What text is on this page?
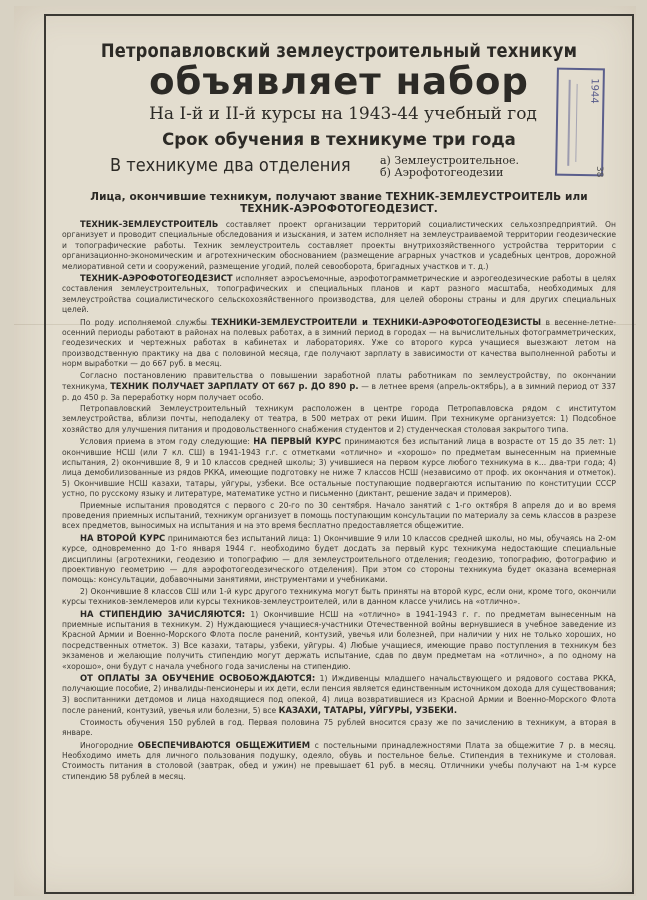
1944
38
Петропавловский землеустроительный техникум
объявляет набор
На I-й и II-й курсы на 1943-44 учебный год
Срок обучения в техникуме три года
В техникуме два отделения	а) Землеустроительное.
б) Аэрофотогеодезии
Лица, окончившие техникум, получают звание ТЕХНИК-ЗЕМЛЕУСТРОИТЕЛЬ или ТЕХНИК-АЭРОФОТОГЕОДЕЗИСТ.

ТЕХНИК-ЗЕМЛЕУСТРОИТЕЛЬ составляет проект организации территорий социалистических сельхозпредприятий. Он организует и проводит специальные обследования и изыскания, и затем исполняет на землеустраиваемой территории геодезические и топографические работы. Техник землеустроитель составляет проекты внутрихозяйственного устройства территории с организационно-экономическим и агротехническим обоснованием (размещение аграрных участков и усадебных центров, дорожной мелиоративной сети и сооружений, размещение угодий, полей севооборота, бригадных участков и т. д.)

ТЕХНИК-АЭРОФОТОГЕОДЕЗИСТ исполняет аэросъемочные, аэрофотограмметрические и аэрогеодезические работы в целях составления землеустроительных, топографических и специальных планов и карт разного масштаба, необходимых для землеустройства социалистического сельскохозяйственного производства, для целей обороны страны и для других специальных целей.

По роду исполняемой службы ТЕХНИКИ-ЗЕМЛЕУСТРОИТЕЛИ и ТЕХНИКИ-АЭРОФОТОГЕОДЕЗИСТЫ в весенне-летне-осенний периоды работают в районах на полевых работах, а в зимний период в городах — на вычислительных фотограмметрических, геодезических и чертежных работах в кабинетах и лабораториях. Уже со второго курса учащиеся выезжают летом на производственную практику на два с половиной месяца, где получают зарплату в зависимости от качества выполненной работы и норм выработки — до 667 руб. в месяц.

Согласно постановлению правительства о повышении заработной платы работникам по землеустройству, по окончании техникума, ТЕХНИК ПОЛУЧАЕТ ЗАРПЛАТУ ОТ 667 р. ДО 890 р. — в летнее время (апрель-октябрь), а в зимний период от 337 р. до 450 р. За переработку норм получает особо.

Петропавловский Землеустроительный техникум расположен в центре города Петропавловска рядом с институтом землеустройства, вблизи почты, неподалеку от театра, в 500 метрах от реки Ишим. При техникуме организуется: 1) Подсобное хозяйство для улучшения питания и продовольственного снабжения студентов и 2) студенческая столовая закрытого типа.

Условия приема в этом году следующие: НА ПЕРВЫЙ КУРС принимаются без испытаний лица в возрасте от 15 до 35 лет: 1) окончившие НСШ (или 7 кл. СШ) в 1941-1943 г.г. с отметками «отлично» и «хорошо» по предметам вынесенным на приемные испытания, 2) окончившие 8, 9 и 10 классов средней школы; 3) учившиеся на первом курсе любого техникума в к... два-три года; 4) лица демобилизованные из рядов РККА, имеющие подготовку не ниже 7 классов НСШ (независимо от проф. их окончания и отметок). 5) Окончившие НСШ казахи, татары, уйгуры, узбеки. Все остальные поступающие подвергаются испытанию по конституции СССР устно, по русскому языку и литературе, математике устно и письменно (диктант, решение задач и примеров).

Приемные испытания проводятся с первого с 20-го по 30 сентября. Начало занятий с 1-го октября 8 апреля до и во время проведения приемных испытаний, техникум организует в помощь поступающим консультации по материалу за семь классов в разрезе всех предметов, выносимых на испытания и на это время бесплатно предоставляется общежитие.

НА ВТОРОЙ КУРС принимаются без испытаний лица: 1) Окончившие 9 или 10 классов средней школы, но мы, обучаясь на 2-ом курсе, одновременно до 1-го января 1944 г. необходимо будет досдать за первый курс техникума недостающие специальные дисциплины (агротехники, геодезию и топографию — для землеустроительного отделения; геодезию, топографию, фотографию и проективную геометрию — для аэрофотогеодезического отделения). При этом со стороны техникума будет оказана всемерная помощь: консультации, добавочными занятиями, инструментами и учебниками.

2) Окончившие 8 классов СШ или 1-й курс другого техникума могут быть приняты на второй курс, если они, кроме того, окончили курсы техников-землемеров или курсы техников-землеустроителей, или в данном классе учились на «отлично».

НА СТИПЕНДИЮ ЗАЧИСЛЯЮТСЯ: 1) Окончившие НСШ на «отлично» в 1941-1943 г. г. по предметам вынесенным на приемные испытания в техникум. 2) Нуждающиеся учащиеся-участники Отечественной войны вернувшиеся в учебное заведение из Красной Армии и Военно-Морского Флота после ранений, контузий, увечья или болезней, при наличии у них не только хороших, но посредственных отметок. 3) Все казахи, татары, узбеки, уйгуры. 4) Любые учащиеся, имеющие право поступления в техникум без экзаменов и желающие получить стипендию могут держать испытание, сдав по двум предметам на «отлично», а по одному на «хорошо», они будут с начала учебного года зачислены на стипендию.

ОТ ОПЛАТЫ ЗА ОБУЧЕНИЕ ОСВОБОЖДАЮТСЯ: 1) Иждивенцы младшего начальствующего и рядового состава РККА, получающие пособие, 2) инвалиды-пенсионеры и их дети, если пенсия является единственным источником дохода для существования; 3) воспитанники детдомов и лица находящиеся под опекой, 4) лица возвратившиеся из Красной Армии и Военно-Морского Флота после ранений, контузий, увечья или болезни, 5) все КАЗАХИ, ТАТАРЫ, УЙГУРЫ, УЗБЕКИ.

Стоимость обучения 150 рублей в год. Первая половина 75 рублей вносится сразу же по зачислению в техникум, а вторая в январе.

Иногородние ОБЕСПЕЧИВАЮТСЯ ОБЩЕЖИТИЕМ с постельными принадлежностями Плата за общежитие 7 р. в месяц. Необходимо иметь для личного пользования подушку, одеяло, обувь и постельное белье. Стипендия в техникуме и столовая. Стоимость питания в столовой (завтрак, обед и ужин) не превышает 61 руб. в месяц. Отличники учебы получают на 1-м курсе стипендию 58 рублей в месяц.
